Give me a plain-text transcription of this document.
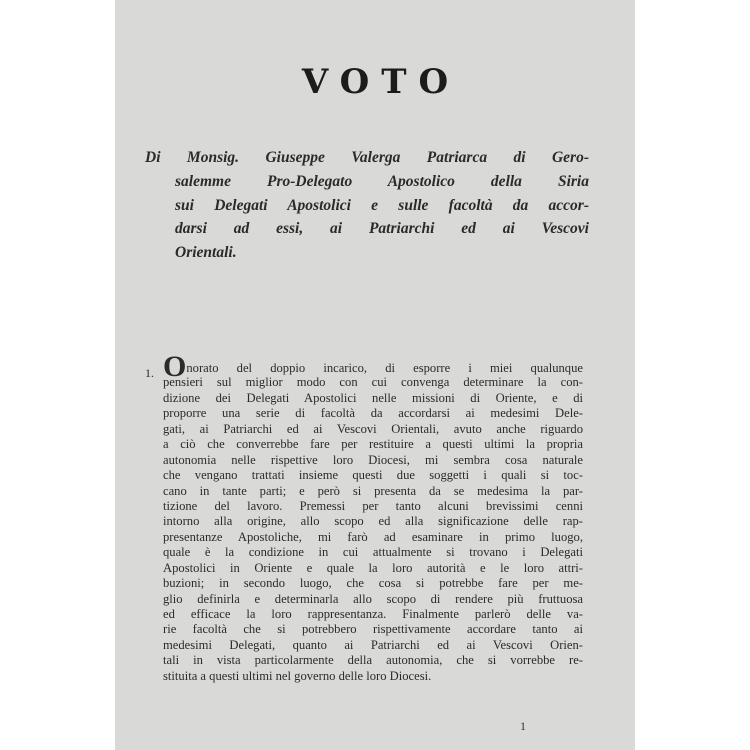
VOTO
Di Monsig. Giuseppe Valerga Patriarca di Gero-
salemme Pro-Delegato Apostolico della Siria
sui Delegati Apostolici e sulle facoltà da accor-
darsi ad essi, ai Patriarchi ed ai Vescovi
Orientali.
1. Onorato del doppio incarico, di esporre i miei qualunque
pensieri sul miglior modo con cui convenga determinare la con-
dizione dei Delegati Apostolici nelle missioni di Oriente, e di
proporre una serie di facoltà da accordarsi ai medesimi Dele-
gati, ai Patriarchi ed ai Vescovi Orientali, avuto anche riguardo
a ciò che converrebbe fare per restituire a questi ultimi la propria
autonomia nelle rispettive loro Diocesi, mi sembra cosa naturale
che vengano trattati insieme questi due soggetti i quali si toc-
cano in tante parti; e però si presenta da se medesima la par-
tizione del lavoro. Premessi per tanto alcuni brevissimi cenni
intorno alla origine, allo scopo ed alla significazione delle rap-
presentanze Apostoliche, mi farò ad esaminare in primo luogo,
quale è la condizione in cui attualmente si trovano i Delegati
Apostolici in Oriente e quale la loro autorità e le loro attri-
buzioni; in secondo luogo, che cosa si potrebbe fare per me-
glio definirla e determinarla allo scopo di rendere più fruttuosa
ed efficace la loro rappresentanza. Finalmente parlerò delle va-
rie facoltà che si potrebbero rispettivamente accordare tanto ai
medesimi Delegati, quanto ai Patriarchi ed ai Vescovi Orien-
tali in vista particolarmente della autonomia, che si vorrebbe re-
stituita a questi ultimi nel governo delle loro Diocesi.
1
